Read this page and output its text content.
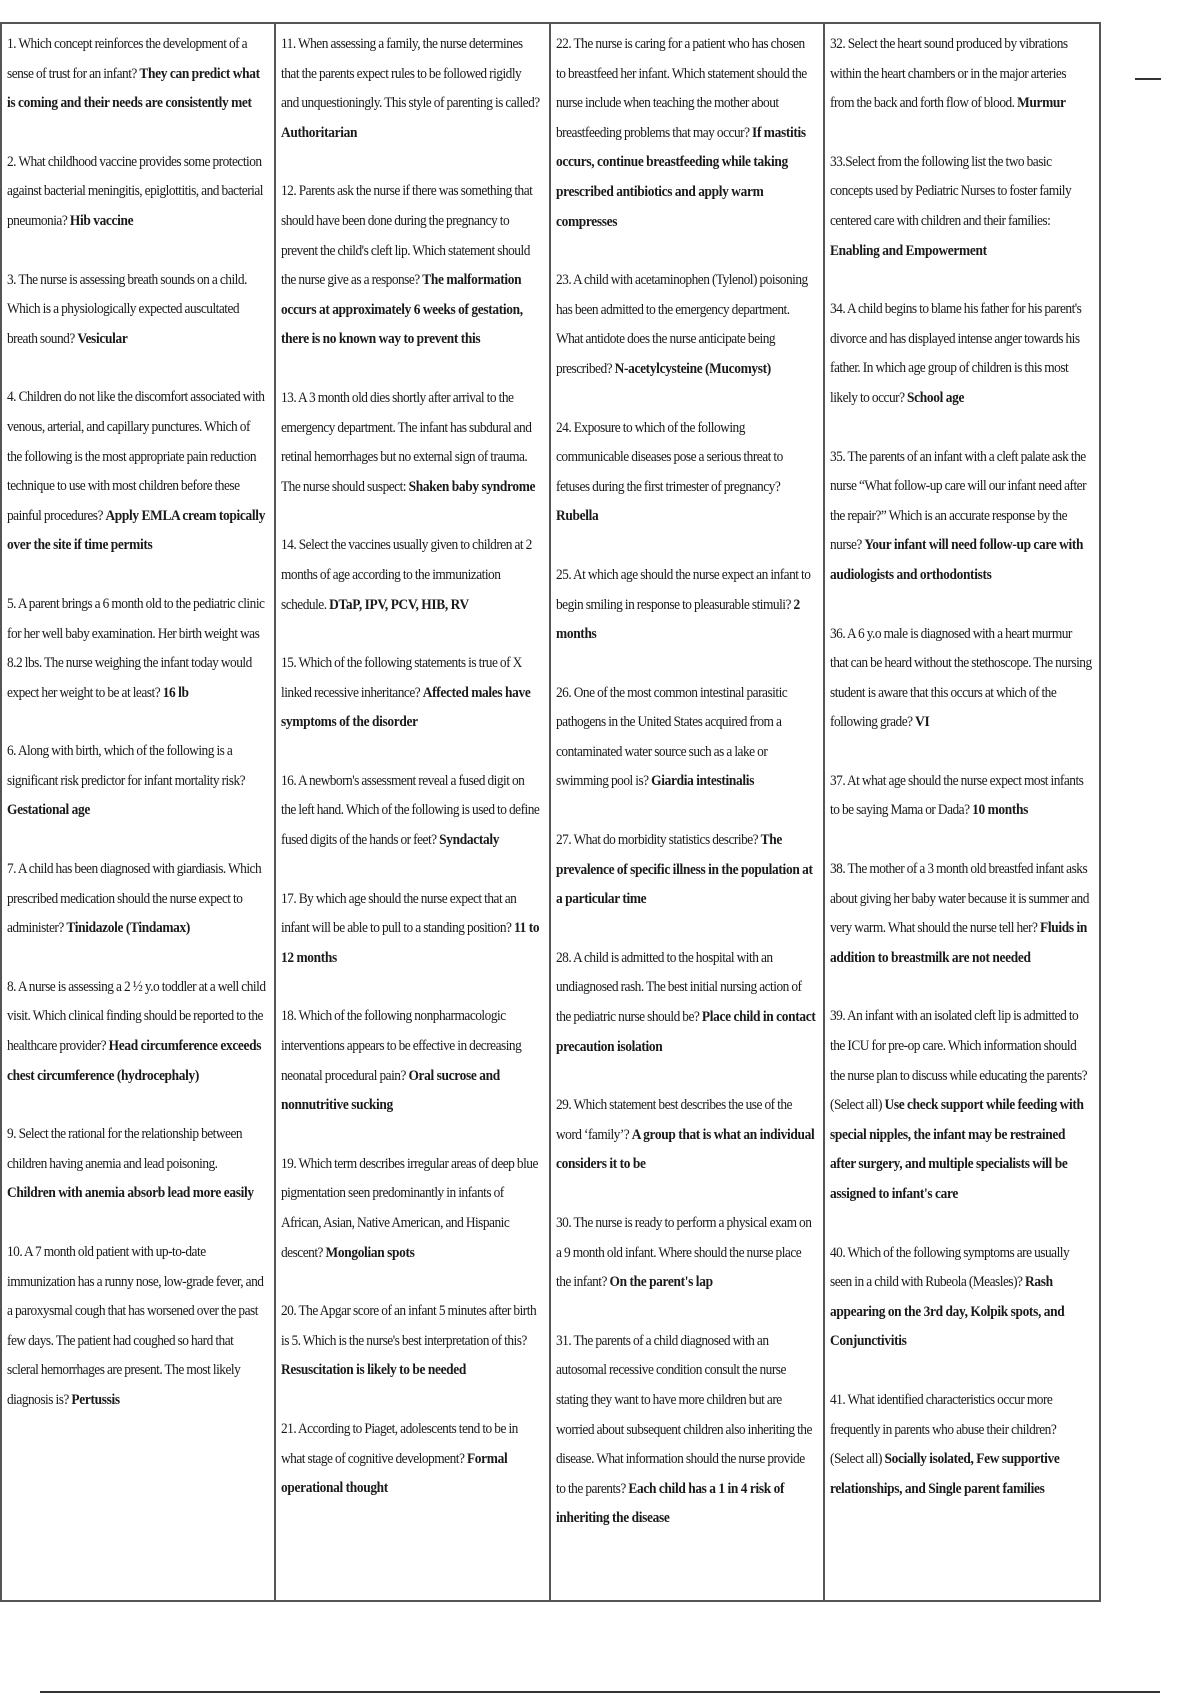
1. Which concept reinforces the development of a sense of trust for an infant? They can predict what is coming and their needs are consistently met

2. What childhood vaccine provides some protection against bacterial meningitis, epiglottitis, and bacterial pneumonia? Hib vaccine

3. The nurse is assessing breath sounds on a child. Which is a physiologically expected auscultated breath sound? Vesicular

4. Children do not like the discomfort associated with venous, arterial, and capillary punctures. Which of the following is the most appropriate pain reduction technique to use with most children before these painful procedures? Apply EMLA cream topically over the site if time permits

5. A parent brings a 6 month old to the pediatric clinic for her well baby examination. Her birth weight was 8.2 lbs. The nurse weighing the infant today would expect her weight to be at least? 16 lb

6. Along with birth, which of the following is a significant risk predictor for infant mortality risk? Gestational age

7. A child has been diagnosed with giardiasis. Which prescribed medication should the nurse expect to administer? Tinidazole (Tindamax)

8. A nurse is assessing a 2 ½ y.o toddler at a well child visit. Which clinical finding should be reported to the healthcare provider? Head circumference exceeds chest circumference (hydrocephaly)

9. Select the rational for the relationship between children having anemia and lead poisoning. Children with anemia absorb lead more easily

10. A 7 month old patient with up-to-date immunization has a runny nose, low-grade fever, and a paroxysmal cough that has worsened over the past few days. The patient had coughed so hard that scleral hemorrhages are present. The most likely diagnosis is? Pertussis

11. When assessing a family, the nurse determines that the parents expect rules to be followed rigidly and unquestioningly. This style of parenting is called? Authoritarian

12. Parents ask the nurse if there was something that should have been done during the pregnancy to prevent the child's cleft lip. Which statement should the nurse give as a response? The malformation occurs at approximately 6 weeks of gestation, there is no known way to prevent this

13. A 3 month old dies shortly after arrival to the emergency department. The infant has subdural and retinal hemorrhages but no external sign of trauma. The nurse should suspect: Shaken baby syndrome

14. Select the vaccines usually given to children at 2 months of age according to the immunization schedule. DTaP, IPV, PCV, HIB, RV

15. Which of the following statements is true of X linked recessive inheritance? Affected males have symptoms of the disorder

16. A newborn's assessment reveal a fused digit on the left hand. Which of the following is used to define fused digits of the hands or feet? Syndactaly

17. By which age should the nurse expect that an infant will be able to pull to a standing position? 11 to 12 months

18. Which of the following nonpharmacologic interventions appears to be effective in decreasing neonatal procedural pain? Oral sucrose and nonnutritive sucking

19. Which term describes irregular areas of deep blue pigmentation seen predominantly in infants of African, Asian, Native American, and Hispanic descent? Mongolian spots

20. The Apgar score of an infant 5 minutes after birth is 5. Which is the nurse's best interpretation of this? Resuscitation is likely to be needed

21. According to Piaget, adolescents tend to be in what stage of cognitive development? Formal operational thought

22. The nurse is caring for a patient who has chosen to breastfeed her infant. Which statement should the nurse include when teaching the mother about breastfeeding problems that may occur? If mastitis occurs, continue breastfeeding while taking prescribed antibiotics and apply warm compresses

23. A child with acetaminophen (Tylenol) poisoning has been admitted to the emergency department. What antidote does the nurse anticipate being prescribed? N-acetylcysteine (Mucomyst)

24. Exposure to which of the following communicable diseases pose a serious threat to fetuses during the first trimester of pregnancy? Rubella

25. At which age should the nurse expect an infant to begin smiling in response to pleasurable stimuli? 2 months

26. One of the most common intestinal parasitic pathogens in the United States acquired from a contaminated water source such as a lake or swimming pool is? Giardia intestinalis

27. What do morbidity statistics describe? The prevalence of specific illness in the population at a particular time

28. A child is admitted to the hospital with an undiagnosed rash. The best initial nursing action of the pediatric nurse should be? Place child in contact precaution isolation

29. Which statement best describes the use of the word ‘family’? A group that is what an individual considers it to be

30. The nurse is ready to perform a physical exam on a 9 month old infant. Where should the nurse place the infant? On the parent's lap

31. The parents of a child diagnosed with an autosomal recessive condition consult the nurse stating they want to have more children but are worried about subsequent children also inheriting the disease. What information should the nurse provide to the parents? Each child has a 1 in 4 risk of inheriting the disease

32. Select the heart sound produced by vibrations within the heart chambers or in the major arteries from the back and forth flow of blood. Murmur

33.Select from the following list the two basic concepts used by Pediatric Nurses to foster family centered care with children and their families: Enabling and Empowerment

34. A child begins to blame his father for his parent's divorce and has displayed intense anger towards his father. In which age group of children is this most likely to occur? School age

35. The parents of an infant with a cleft palate ask the nurse “What follow-up care will our infant need after the repair?” Which is an accurate response by the nurse? Your infant will need follow-up care with audiologists and orthodontists

36. A 6 y.o male is diagnosed with a heart murmur that can be heard without the stethoscope. The nursing student is aware that this occurs at which of the following grade? VI

37. At what age should the nurse expect most infants to be saying Mama or Dada? 10 months

38. The mother of a 3 month old breastfed infant asks about giving her baby water because it is summer and very warm. What should the nurse tell her? Fluids in addition to breastmilk are not needed

39. An infant with an isolated cleft lip is admitted to the ICU for pre-op care. Which information should the nurse plan to discuss while educating the parents?(Select all) Use check support while feeding with special nipples, the infant may be restrained after surgery, and multiple specialists will be assigned to infant's care

40. Which of the following symptoms are usually seen in a child with Rubeola (Measles)? Rash appearing on the 3rd day, Kolpik spots, and Conjunctivitis

41. What identified characteristics occur more frequently in parents who abuse their children? (Select all) Socially isolated, Few supportive relationships, and Single parent families
